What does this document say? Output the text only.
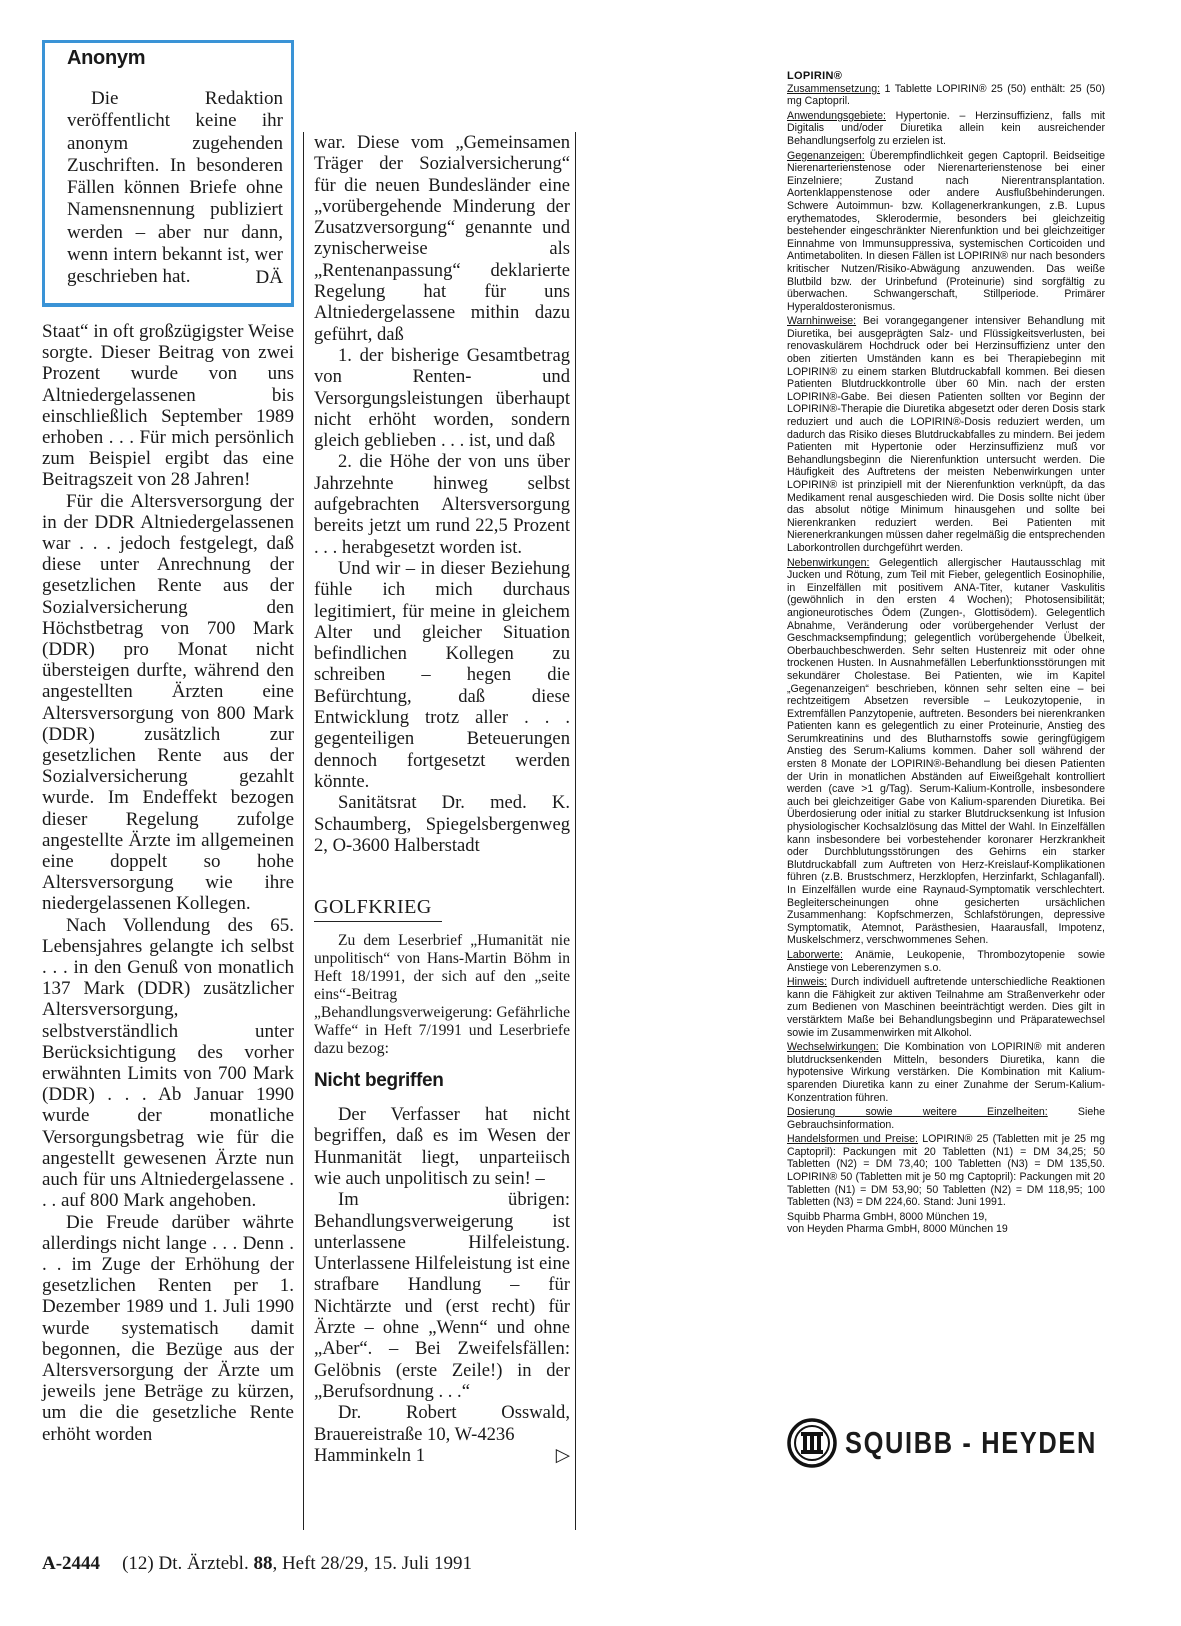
Anonym

Die Redaktion veröffentlicht keine ihr anonym zugehenden Zuschriften. In besonderen Fällen können Briefe ohne Namensnennung publiziert werden – aber nur dann, wenn intern bekannt ist, wer geschrieben hat.	DÄ

Staat“ in oft großzügigster Weise sorgte. Dieser Beitrag von zwei Prozent wurde von uns Altniedergelassenen bis einschließlich September 1989 erhoben . . . Für mich persönlich zum Beispiel ergibt das eine Beitragszeit von 28 Jahren!

Für die Altersversorgung der in der DDR Altniedergelassenen war . . . jedoch festgelegt, daß diese unter Anrechnung der gesetzlichen Rente aus der Sozialversicherung den Höchstbetrag von 700 Mark (DDR) pro Monat nicht übersteigen durfte, während den angestellten Ärzten eine Altersversorgung von 800 Mark (DDR) zusätzlich zur gesetzlichen Rente aus der Sozialversicherung gezahlt wurde. Im Endeffekt bezogen dieser Regelung zufolge angestellte Ärzte im allgemeinen eine doppelt so hohe Altersversorgung wie ihre niedergelassenen Kollegen.

Nach Vollendung des 65. Lebensjahres gelangte ich selbst . . . in den Genuß von monatlich 137 Mark (DDR) zusätzlicher Altersversorgung, selbstverständlich unter Berücksichtigung des vorher erwähnten Limits von 700 Mark (DDR) . . . Ab Januar 1990 wurde der monatliche Versorgungsbetrag wie für die angestellt gewesenen Ärzte nun auch für uns Altniedergelassene . . . auf 800 Mark angehoben.

Die Freude darüber währte allerdings nicht lange . . . Denn . . . im Zuge der Erhöhung der gesetzlichen Renten per 1. Dezember 1989 und 1. Juli 1990 wurde systematisch damit begonnen, die Bezüge aus der Altersversorgung der Ärzte um jeweils jene Beträge zu kürzen, um die die gesetzliche Rente erhöht worden

war. Diese vom „Gemeinsamen Träger der Sozialversicherung“ für die neuen Bundesländer eine „vorübergehende Minderung der Zusatzversorgung“ genannte und zynischerweise als „Rentenanpassung“ deklarierte Regelung hat für uns Altniedergelassene mithin dazu geführt, daß

1. der bisherige Gesamtbetrag von Renten- und Versorgungsleistungen überhaupt nicht erhöht worden, sondern gleich geblieben . . . ist, und daß

2. die Höhe der von uns über Jahrzehnte hinweg selbst aufgebrachten Altersversorgung bereits jetzt um rund 22,5 Prozent . . . herabgesetzt worden ist.

Und wir – in dieser Beziehung fühle ich mich durchaus legitimiert, für meine in gleichem Alter und gleicher Situation befindlichen Kollegen zu schreiben – hegen die Befürchtung, daß diese Entwicklung trotz aller . . . gegenteiligen Beteuerungen dennoch fortgesetzt werden könnte.

Sanitätsrat Dr. med. K. Schaumberg, Spiegelsbergenweg 2, O-3600 Halberstadt

GOLFKRIEG

Zu dem Leserbrief „Humanität nie unpolitisch“ von Hans-Martin Böhm in Heft 18/1991, der sich auf den „seite eins“-Beitrag „Behandlungsverweigerung: Gefährliche Waffe“ in Heft 7/1991 und Leserbriefe dazu bezog:

Nicht begriffen

Der Verfasser hat nicht begriffen, daß es im Wesen der Hunmanität liegt, unparteiisch wie auch unpolitisch zu sein! –

Im übrigen: Behandlungsverweigerung ist unterlassene Hilfeleistung. Unterlassene Hilfeleistung ist eine strafbare Handlung – für Nichtärzte und (erst recht) für Ärzte – ohne „Wenn“ und ohne „Aber“. – Bei Zweifelsfällen: Gelöbnis (erste Zeile!) in der „Berufsordnung . . .“

Dr. Robert Osswald, Brauereistraße 10, W-4236

Hamminkeln 1	▷
LOPIRIN®

Zusammensetzung: 1 Tablette LOPIRIN® 25 (50) enthält: 25 (50) mg Captopril.

Anwendungsgebiete: Hypertonie. – Herzinsuffizienz, falls mit Digitalis und/oder Diuretika allein kein ausreichender Behandlungserfolg zu erzielen ist.

Gegenanzeigen: Überempfindlichkeit gegen Captopril. Beidseitige Nierenarterienstenose oder Nierenarterienstenose bei einer Einzelniere; Zustand nach Nierentransplantation. Aortenklappenstenose oder andere Ausflußbehinderungen. Schwere Autoimmun- bzw. Kollagenerkrankungen, z.B. Lupus erythematodes, Sklerodermie, besonders bei gleichzeitig bestehender eingeschränkter Nierenfunktion und bei gleichzeitiger Einnahme von Immunsuppressiva, systemischen Corticoiden und Antimetaboliten. In diesen Fällen ist LOPIRIN® nur nach besonders kritischer Nutzen/Risiko-Abwägung anzuwenden. Das weiße Blutbild bzw. der Urinbefund (Proteinurie) sind sorgfältig zu überwachen. Schwangerschaft, Stillperiode. Primärer Hyperaldosteronismus.

Warnhinweise: Bei vorangegangener intensiver Behandlung mit Diuretika, bei ausgeprägten Salz- und Flüssigkeitsverlusten, bei renovaskulärem Hochdruck oder bei Herzinsuffizienz unter den oben zitierten Umständen kann es bei Therapiebeginn mit LOPIRIN® zu einem starken Blutdruckabfall kommen. Bei diesen Patienten Blutdruckkontrolle über 60 Min. nach der ersten LOPIRIN®-Gabe. Bei diesen Patienten sollten vor Beginn der LOPIRIN®-Therapie die Diuretika abgesetzt oder deren Dosis stark reduziert und auch die LOPIRIN®-Dosis reduziert werden, um dadurch das Risiko dieses Blutdruckabfalles zu mindern. Bei jedem Patienten mit Hypertonie oder Herzinsuffizienz muß vor Behandlungsbeginn die Nierenfunktion untersucht werden. Die Häufigkeit des Auftretens der meisten Nebenwirkungen unter LOPIRIN® ist prinzipiell mit der Nierenfunktion verknüpft, da das Medikament renal ausgeschieden wird. Die Dosis sollte nicht über das absolut nötige Minimum hinausgehen und sollte bei Nierenkranken reduziert werden. Bei Patienten mit Nierenerkrankungen müssen daher regelmäßig die entsprechenden Laborkontrollen durchgeführt werden.

Nebenwirkungen: Gelegentlich allergischer Hautausschlag mit Jucken und Rötung, zum Teil mit Fieber, gelegentlich Eosinophilie, in Einzelfällen mit positivem ANA-Titer, kutaner Vaskulitis (gewöhnlich in den ersten 4 Wochen); Photosensibilität; angioneurotisches Ödem (Zungen-, Glottisödem). Gelegentlich Abnahme, Veränderung oder vorübergehender Verlust der Geschmacksempfindung; gelegentlich vorübergehende Übelkeit, Oberbauchbeschwerden. Sehr selten Hustenreiz mit oder ohne trockenen Husten. In Ausnahmefällen Leberfunktionsstörungen mit sekundärer Cholestase. Bei Patienten, wie im Kapitel „Gegenanzeigen“ beschrieben, können sehr selten eine – bei rechtzeitigem Absetzen reversible – Leukozytopenie, in Extremfällen Panzytopenie, auftreten. Besonders bei nierenkranken Patienten kann es gelegentlich zu einer Proteinurie, Anstieg des Serumkreatinins und des Blutharnstoffs sowie geringfügigem Anstieg des Serum-Kaliums kommen. Daher soll während der ersten 8 Monate der LOPIRIN®-Behandlung bei diesen Patienten der Urin in monatlichen Abständen auf Eiweißgehalt kontrolliert werden (cave >1 g/Tag). Serum-Kalium-Kontrolle, insbesondere auch bei gleichzeitiger Gabe von Kalium-sparenden Diuretika. Bei Überdosierung oder initial zu starker Blutdrucksenkung ist Infusion physiologischer Kochsalzlösung das Mittel der Wahl. In Einzelfällen kann insbesondere bei vorbestehender koronarer Herzkrankheit oder Durchblutungsstörungen des Gehirns ein starker Blutdruckabfall zum Auftreten von Herz-Kreislauf-Komplikationen führen (z.B. Brustschmerz, Herzklopfen, Herzinfarkt, Schlaganfall). In Einzelfällen wurde eine Raynaud-Symptomatik verschlechtert. Begleiterscheinungen ohne gesicherten ursächlichen Zusammenhang: Kopfschmerzen, Schlafstörungen, depressive Symptomatik, Atemnot, Parästhesien, Haarausfall, Impotenz, Muskelschmerz, verschwommenes Sehen.

Laborwerte: Anämie, Leukopenie, Thrombozytopenie sowie Anstiege von Leberenzymen s.o.

Hinweis: Durch individuell auftretende unterschiedliche Reaktionen kann die Fähigkeit zur aktiven Teilnahme am Straßenverkehr oder zum Bedienen von Maschinen beeinträchtigt werden. Dies gilt in verstärktem Maße bei Behandlungsbeginn und Präparatewechsel sowie im Zusammenwirken mit Alkohol.

Wechselwirkungen: Die Kombination von LOPIRIN® mit anderen blutdrucksenkenden Mitteln, besonders Diuretika, kann die hypotensive Wirkung verstärken. Die Kombination mit Kalium-sparenden Diuretika kann zu einer Zunahme der Serum-Kalium-Konzentration führen.

Dosierung sowie weitere Einzelheiten: Siehe Gebrauchsinformation.

Handelsformen und Preise: LOPIRIN® 25 (Tabletten mit je 25 mg Captopril): Packungen mit 20 Tabletten (N1) = DM 34,25; 50 Tabletten (N2) = DM 73,40; 100 Tabletten (N3) = DM 135,50. LOPIRIN® 50 (Tabletten mit je 50 mg Captopril): Packungen mit 20 Tabletten (N1) = DM 53,90; 50 Tabletten (N2) = DM 118,95; 100 Tabletten (N3) = DM 224,60. Stand: Juni 1991.

Squibb Pharma GmbH, 8000 München 19,
von Heyden Pharma GmbH, 8000 München 19
SQUIBB - HEYDEN
A-2444 (12) Dt. Ärztebl. 88, Heft 28/29, 15. Juli 1991
